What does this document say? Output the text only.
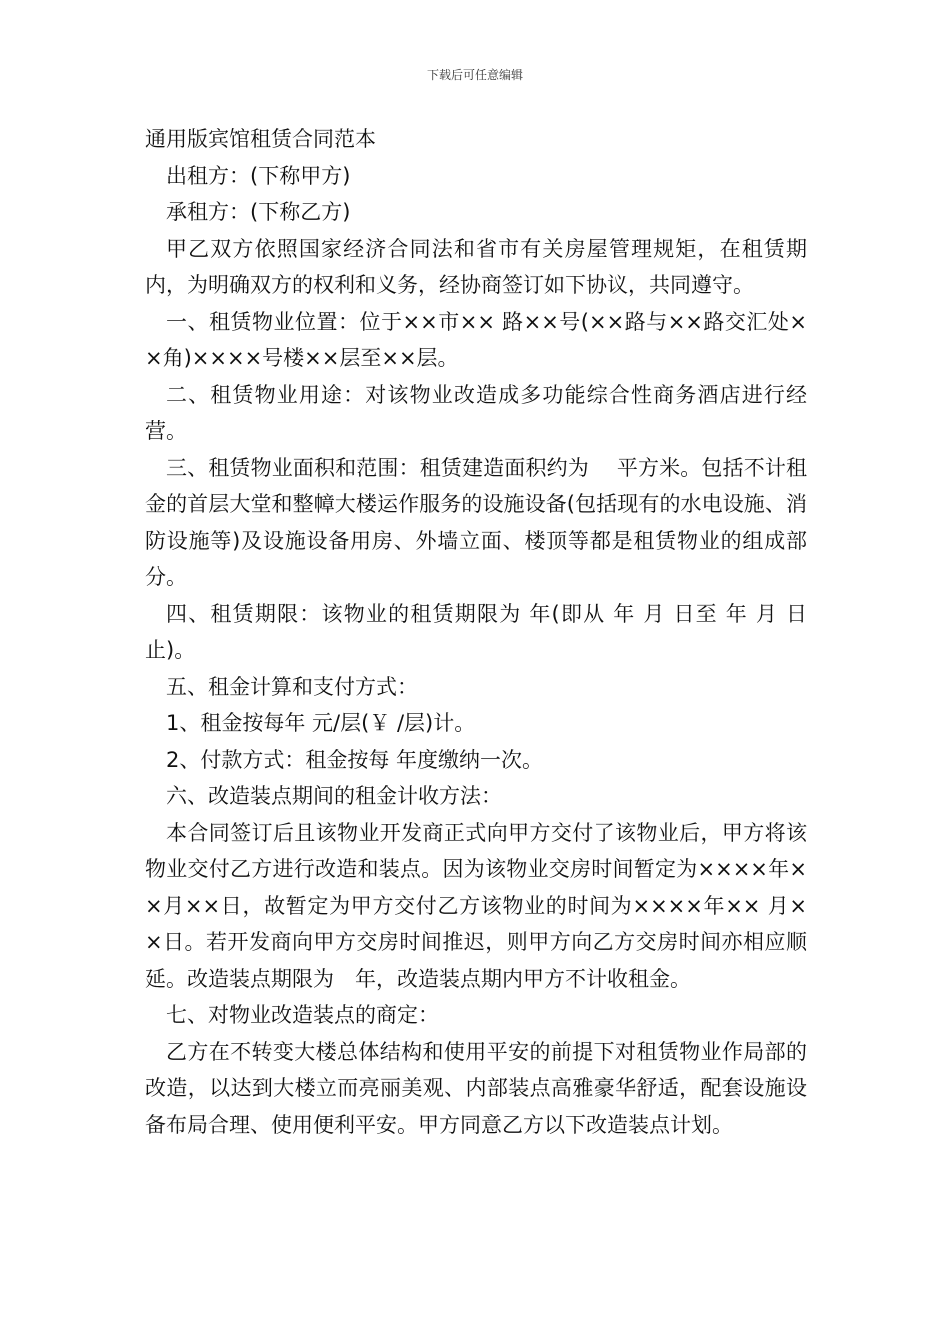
下载后可任意编辑

通用版宾馆租赁合同范本

出租方：(下称甲方)

承租方：(下称乙方)

甲乙双方依照国家经济合同法和省市有关房屋管理规矩，在租赁期内，为明确双方的权利和义务，经协商签订如下协议，共同遵守。

一、租赁物业位置：位于××市×× 路××号(××路与××路交汇处××角)××××号楼××层至××层。

二、租赁物业用途：对该物业改造成多功能综合性商务酒店进行经营。

三、租赁物业面积和范围：租赁建造面积约为　 平方米。包括不计租金的首层大堂和整幛大楼运作服务的设施设备(包括现有的水电设施、消防设施等)及设施设备用房、外墙立面、楼顶等都是租赁物业的组成部分。

四、租赁期限：该物业的租赁期限为 年(即从 年 月 日至 年 月 日止)。

五、租金计算和支付方式：

1、租金按每年 元/层(￥ /层)计。

2、付款方式：租金按每 年度缴纳一次。

六、改造装点期间的租金计收方法：

本合同签订后且该物业开发商正式向甲方交付了该物业后，甲方将该物业交付乙方进行改造和装点。因为该物业交房时间暂定为××××年××月××日，故暂定为甲方交付乙方该物业的时间为××××年×× 月××日。若开发商向甲方交房时间推迟，则甲方向乙方交房时间亦相应顺延。改造装点期限为　年，改造装点期内甲方不计收租金。

七、对物业改造装点的商定：

乙方在不转变大楼总体结构和使用平安的前提下对租赁物业作局部的改造，以达到大楼立而亮丽美观、内部装点高雅豪华舒适，配套设施设备布局合理、使用便利平安。甲方同意乙方以下改造装点计划。
